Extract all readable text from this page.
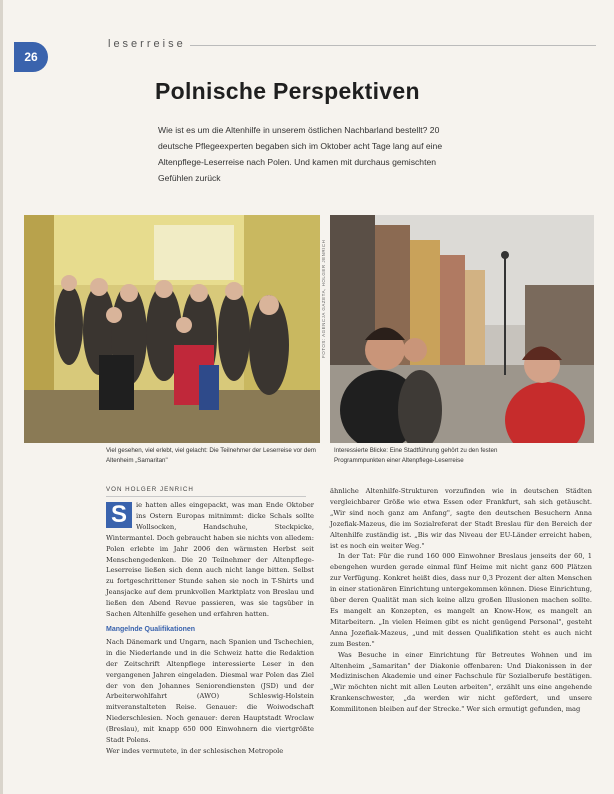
26
leserreise
Polnische Perspektiven
Wie ist es um die Altenhilfe in unserem östlichen Nachbarland bestellt? 20 deutsche Pflegeexperten begaben sich im Oktober acht Tage lang auf eine Altenpflege-Leserreise nach Polen. Und kamen mit durchaus gemischten Gefühlen zurück
FOTOS: AGENCJA GAZETA, HOLGER JENRICH
Viel gesehen, viel erlebt, viel gelacht: Die Teilnehmer der Leserreise vor dem Altenheim „Samaritan"
Interessierte Blicke: Eine Stadtführung gehört zu den festen Programmpunkten einer Altenpflege-Leserreise
VON HOLGER JENRICH

S	ie hatten alles eingepackt, was man Ende Oktober ins Ostern Europas mitnimmt: dicke Schals sollte Wollsocken, Handschuhe, Steckpicke, Wintermantel. Doch gebraucht haben sie nichts von alledem: Polen erlebte im Jahr 2006 den wärmsten Herbst seit Menschengedenken. Die 20 Teilnehmer der Altenpflege-Leserreise ließen sich denn auch nicht lange bitten. Selbst zu fortgeschrittener Stunde sahen sie noch in T-Shirts und Jeansjacke auf dem prunkvollen Marktplatz von Breslau und ließen den Abend Revue passieren, was sie tagsüber in Sachen Altenhilfe gesehen und erfahren hatten.

Mangelnde Qualifikationen

Nach Dänemark und Ungarn, nach Spanien und Tschechien, in die Niederlande und in die Schweiz hatte die Redaktion der Zeitschrift Altenpflege interessierte Leser in den vergangenen Jahren eingeladen. Diesmal war Polen das Ziel der von den Johannes Seniorendiensten (JSD) und der Arbeiterwohlfahrt (AWO) Schleswig-Holstein mitveranstalteten Reise. Genauer: die Woiwodschaft Niederschlesien. Noch genauer: deren Hauptstadt Wroclaw (Breslau), mit knapp 650 000 Einwohnern die viertgrößte Stadt Polens.

Wer indes vermutete, in der schlesischen Metropole

ähnliche Altenhilfe-Strukturen vorzufinden wie in deutschen Städten vergleichbarer Größe wie etwa Essen oder Frankfurt, sah sich getäuscht. „Wir sind noch ganz am Anfang", sagte den deutschen Besuchern Anna Jozefiak-Mazeus, die im Sozialreferat der Stadt Breslau für den Bereich der Altenhilfe zuständig ist. „Bis wir das Niveau der EU-Länder erreicht haben, ist es noch ein weiter Weg."

In der Tat: Für die rund 160 000 Einwohner Breslaus jenseits der 60, 1 ebengehen wurden gerade einmal fünf Heime mit nicht ganz 600 Plätzen zur Verfügung. Konkret heißt dies, dass nur 0,3 Prozent der alten Menschen in einer stationären Einrichtung untergekommen können. Diese Einrichtung, über deren Qualität man sich keine allzu großen Illusionen machen sollte. Es mangelt an Konzepten, es mangelt an Know-How, es mangelt an Mitarbeitern. „In vielen Heimen gibt es nicht genügend Personal", gesteht Anna Jozefiak-Mazeus, „und mit dessen Qualifikation steht es auch nicht zum Besten."

Was Besuche in einer Einrichtung für Betreutes Wohnen und im Altenheim „Samaritan" der Diakonie offenbaren: Und Diakonissen in der Medizinischen Akademie und einer Fachschule für Sozialberufe bestätigen. „Wir möchten nicht mit allen Leuten arbeiten", erzählt uns eine angehende Krankenschwester, „da werden wir nicht gefördert, und unsere Kommilitonen bleiben auf der Strecke." Wer sich ermutigt gefunden, mag
